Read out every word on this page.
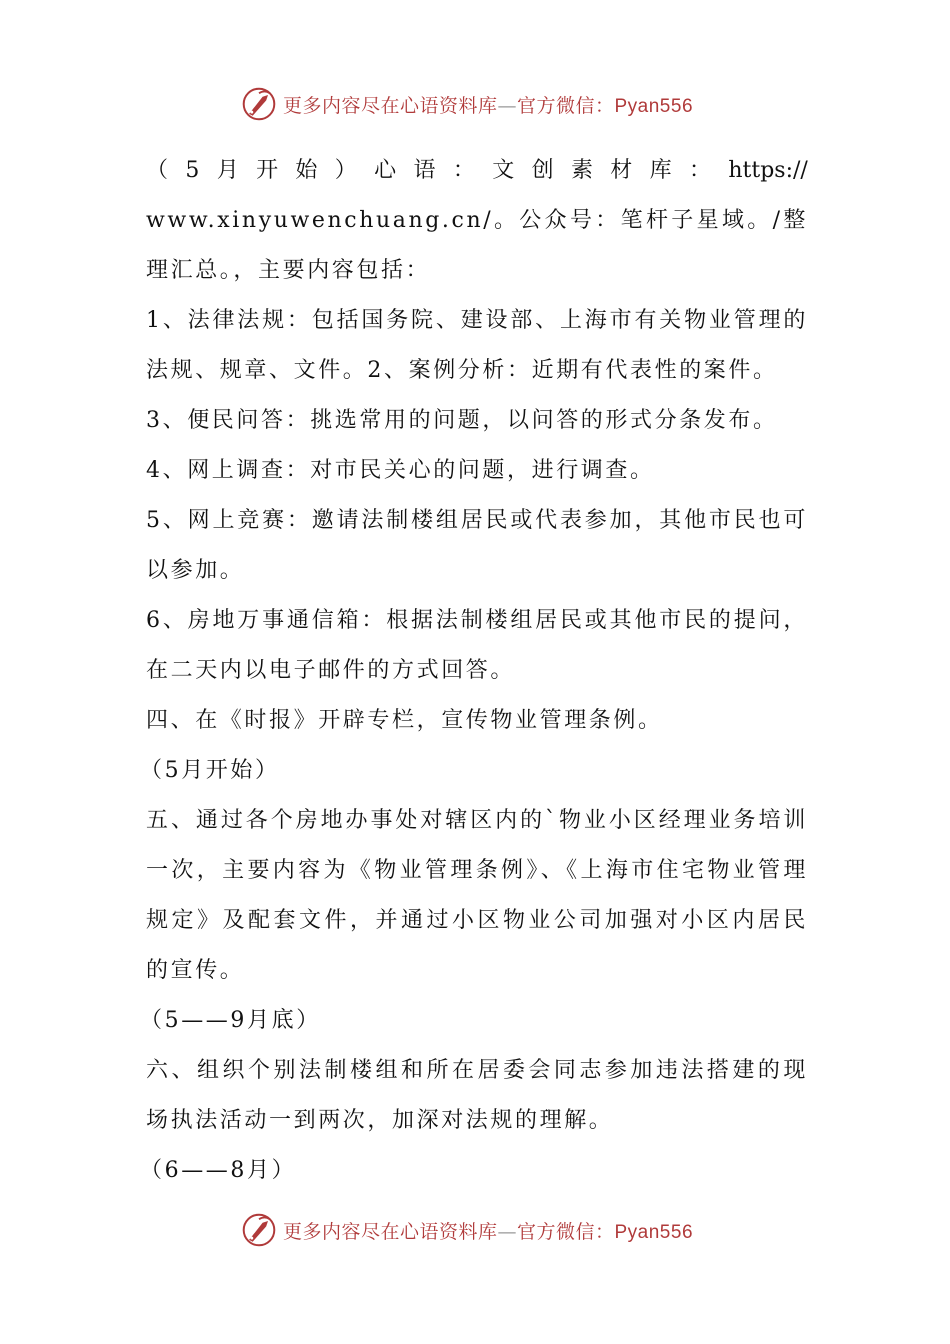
更多内容尽在心语资料库—官方微信：Pyan556
（ 5 月 开 始 ） 心 语 ： 文 创 素 材 库 ： https://

www.xinyuwenchuang.cn/。公众号：笔杆子星域。/整理汇总。，主要内容包括：

1、法律法规：包括国务院、建设部、上海市有关物业管理的法规、规章、文件。2、案例分析：近期有代表性的案件。

3、便民问答：挑选常用的问题，以问答的形式分条发布。

4、网上调查：对市民关心的问题，进行调查。

5、网上竞赛：邀请法制楼组居民或代表参加，其他市民也可以参加。

6、房地万事通信箱：根据法制楼组居民或其他市民的提问，在二天内以电子邮件的方式回答。

四、在《时报》开辟专栏，宣传物业管理条例。

（5月开始）

五、通过各个房地办事处对辖区内的`物业小区经理业务培训一次，主要内容为《物业管理条例》、《上海市住宅物业管理规定》及配套文件，并通过小区物业公司加强对小区内居民的宣传。

（5——9月底）

六、组织个别法制楼组和所在居委会同志参加违法搭建的现场执法活动一到两次，加深对法规的理解。

（6——8月）

更多内容尽在心语资料库—官方微信：Pyan556
